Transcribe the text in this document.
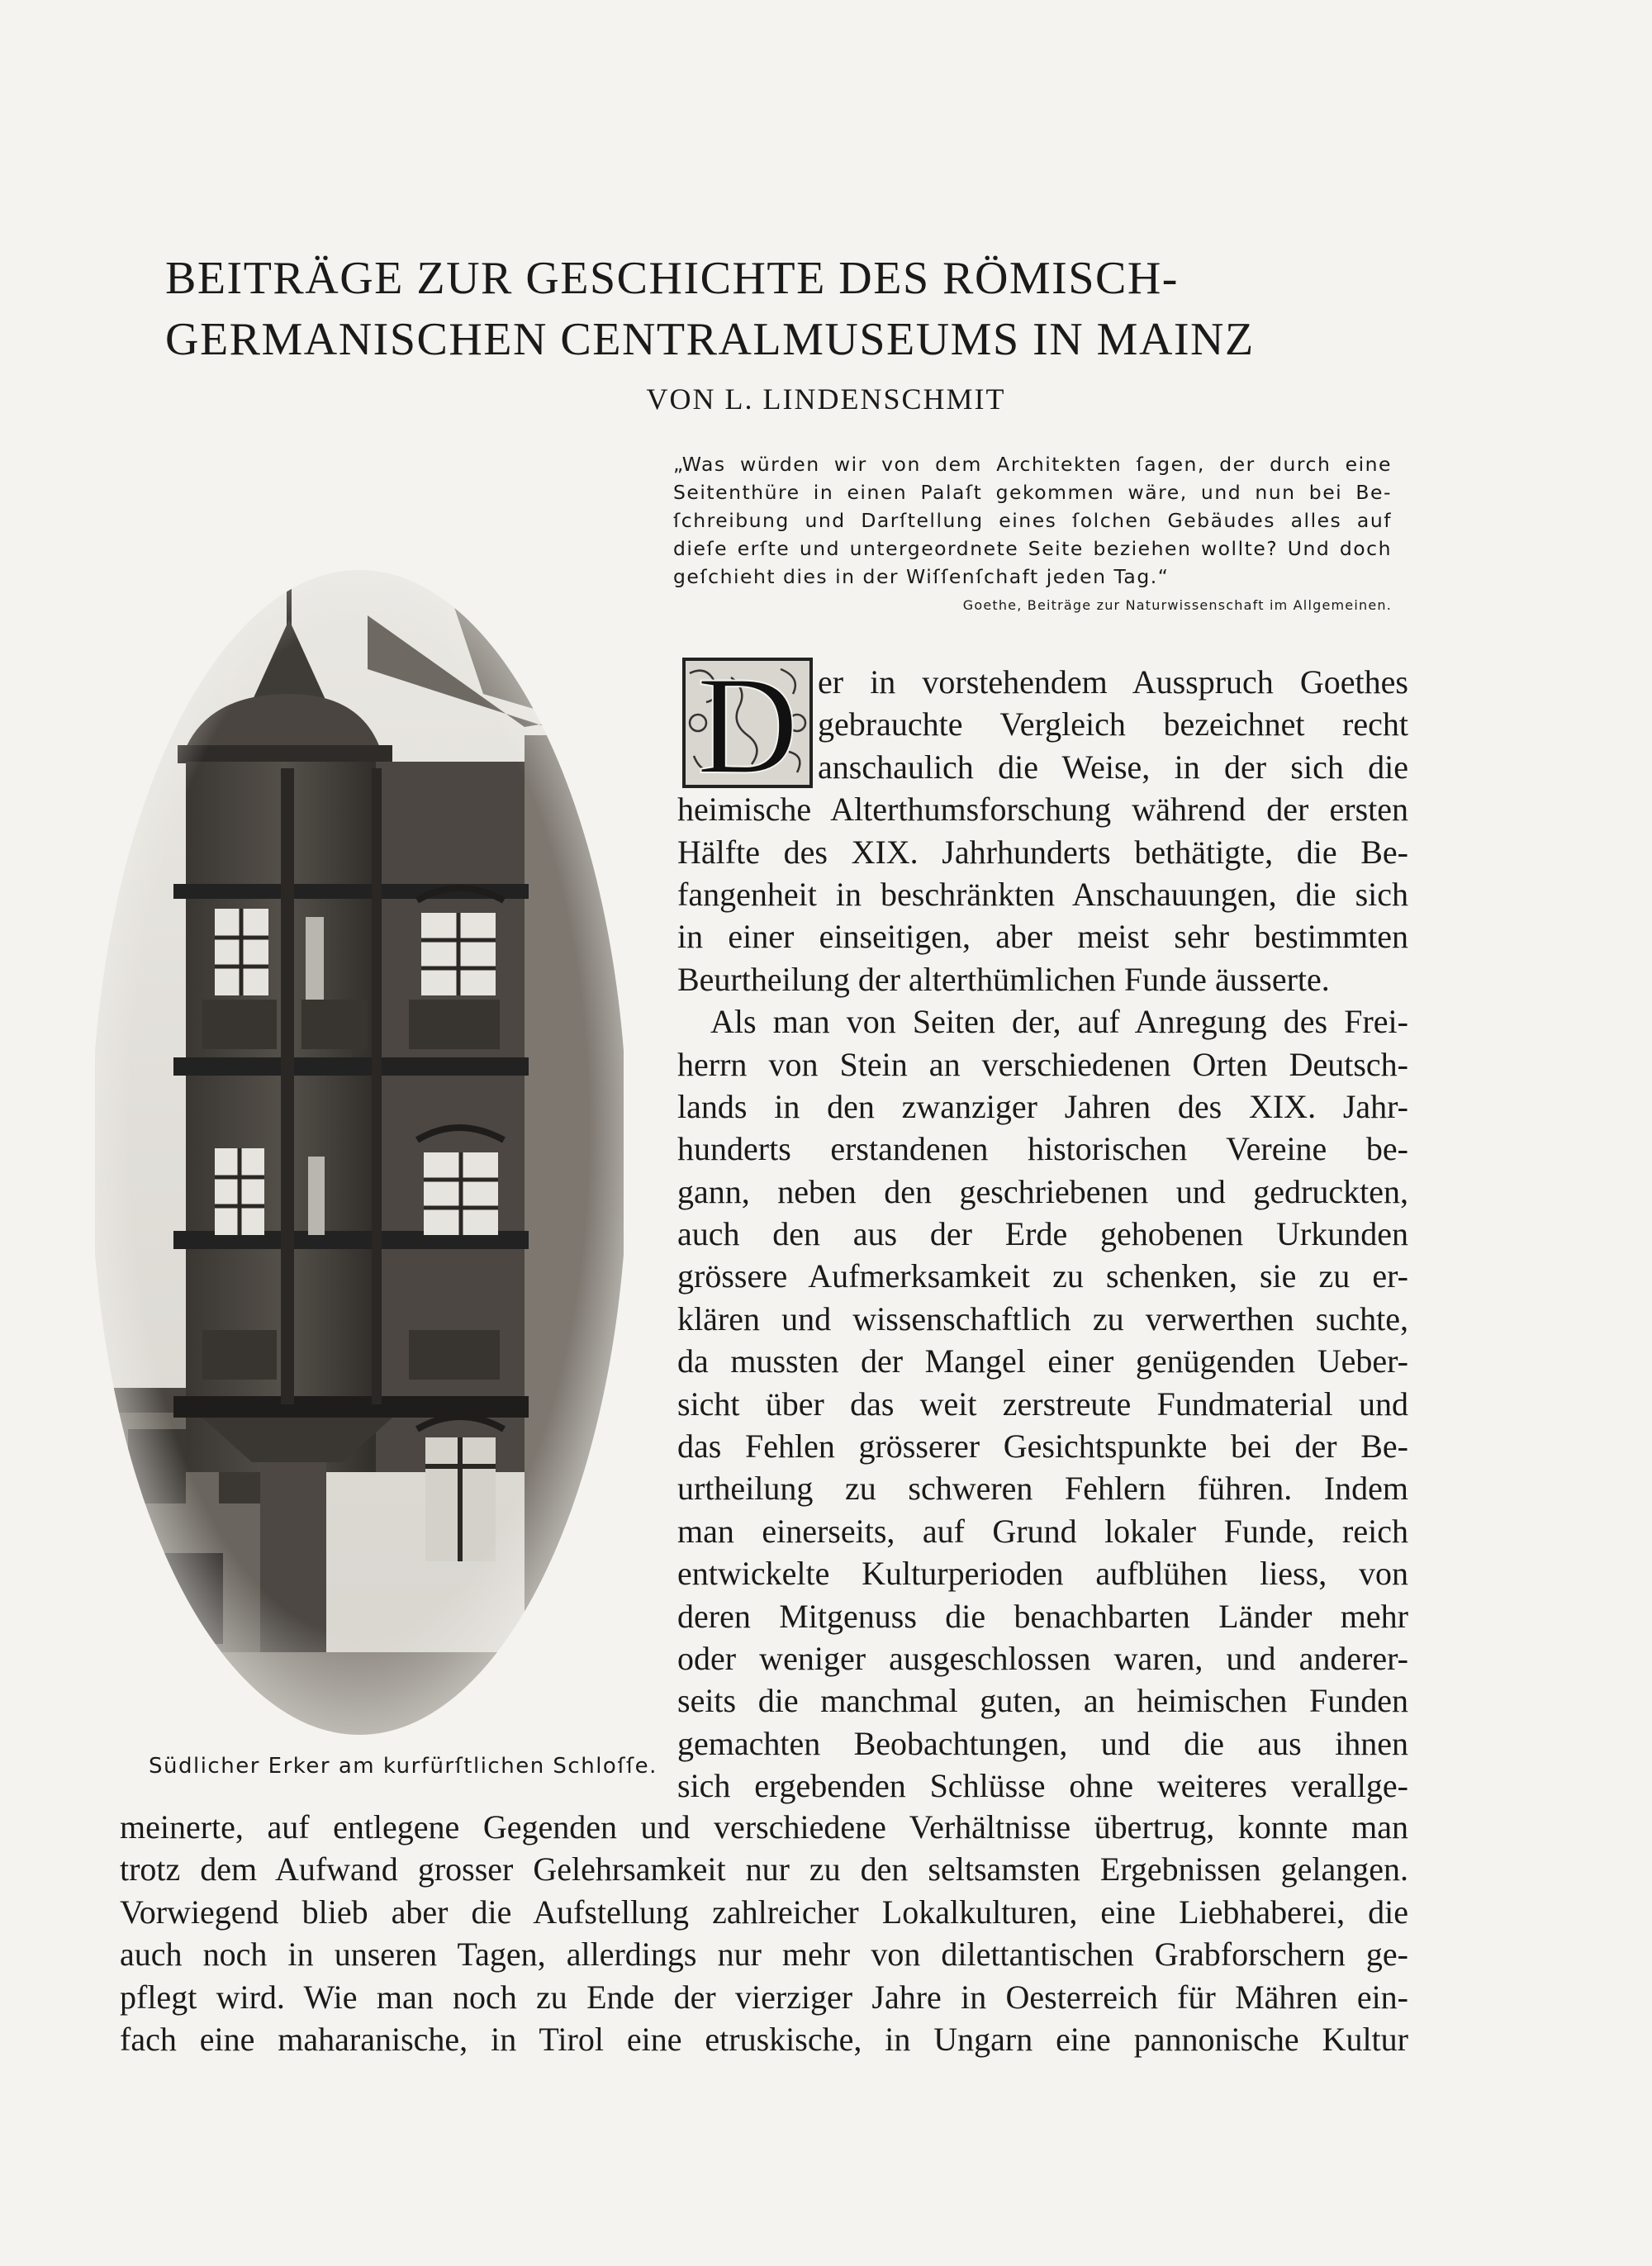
BEITRÄGE ZUR GESCHICHTE DES RÖMISCH-
GERMANISCHEN CENTRALMUSEUMS IN MAINZ
VON L. LINDENSCHMIT
„Was würden wir von dem Architekten ſagen, der durch eine
Seitenthüre in einen Palaſt gekommen wäre, und nun bei Be-
ſchreibung und Darſtellung eines ſolchen Gebäudes alles auf
dieſe erſte und untergeordnete Seite beziehen wollte? Und doch
geſchieht dies in der Wiſſenſchaft jeden Tag.“
Goethe, Beiträge zur Naturwissenschaft im Allgemeinen.
Südlicher Erker am kurfürſtlichen Schloſſe.
D er in vorstehendem Ausspruch Goethes
gebrauchte Vergleich bezeichnet recht
anschaulich die Weise, in der sich die
heimische Alterthumsforschung während der ersten
Hälfte des XIX. Jahrhunderts bethätigte, die Be-
fangenheit in beschränkten Anschauungen, die sich
in einer einseitigen, aber meist sehr bestimmten
Beurtheilung der alterthümlichen Funde äusserte.
Als man von Seiten der, auf Anregung des Frei-
herrn von Stein an verschiedenen Orten Deutsch-
lands in den zwanziger Jahren des XIX. Jahr-
hunderts erstandenen historischen Vereine be-
gann, neben den geschriebenen und gedruckten,
auch den aus der Erde gehobenen Urkunden
grössere Aufmerksamkeit zu schenken, sie zu er-
klären und wissenschaftlich zu verwerthen suchte,
da mussten der Mangel einer genügenden Ueber-
sicht über das weit zerstreute Fundmaterial und
das Fehlen grösserer Gesichtspunkte bei der Be-
urtheilung zu schweren Fehlern führen. Indem
man einerseits, auf Grund lokaler Funde, reich
entwickelte Kulturperioden aufblühen liess, von
deren Mitgenuss die benachbarten Länder mehr
oder weniger ausgeschlossen waren, und anderer-
seits die manchmal guten, an heimischen Funden
gemachten Beobachtungen, und die aus ihnen
sich ergebenden Schlüsse ohne weiteres verallge-
meinerte, auf entlegene Gegenden und verschiedene Verhältnisse übertrug, konnte man
trotz dem Aufwand grosser Gelehrsamkeit nur zu den seltsamsten Ergebnissen gelangen.
Vorwiegend blieb aber die Aufstellung zahlreicher Lokalkulturen, eine Liebhaberei, die
auch noch in unseren Tagen, allerdings nur mehr von dilettantischen Grabforschern ge-
pflegt wird. Wie man noch zu Ende der vierziger Jahre in Oesterreich für Mähren ein-
fach eine maharanische, in Tirol eine etruskische, in Ungarn eine pannonische Kultur
